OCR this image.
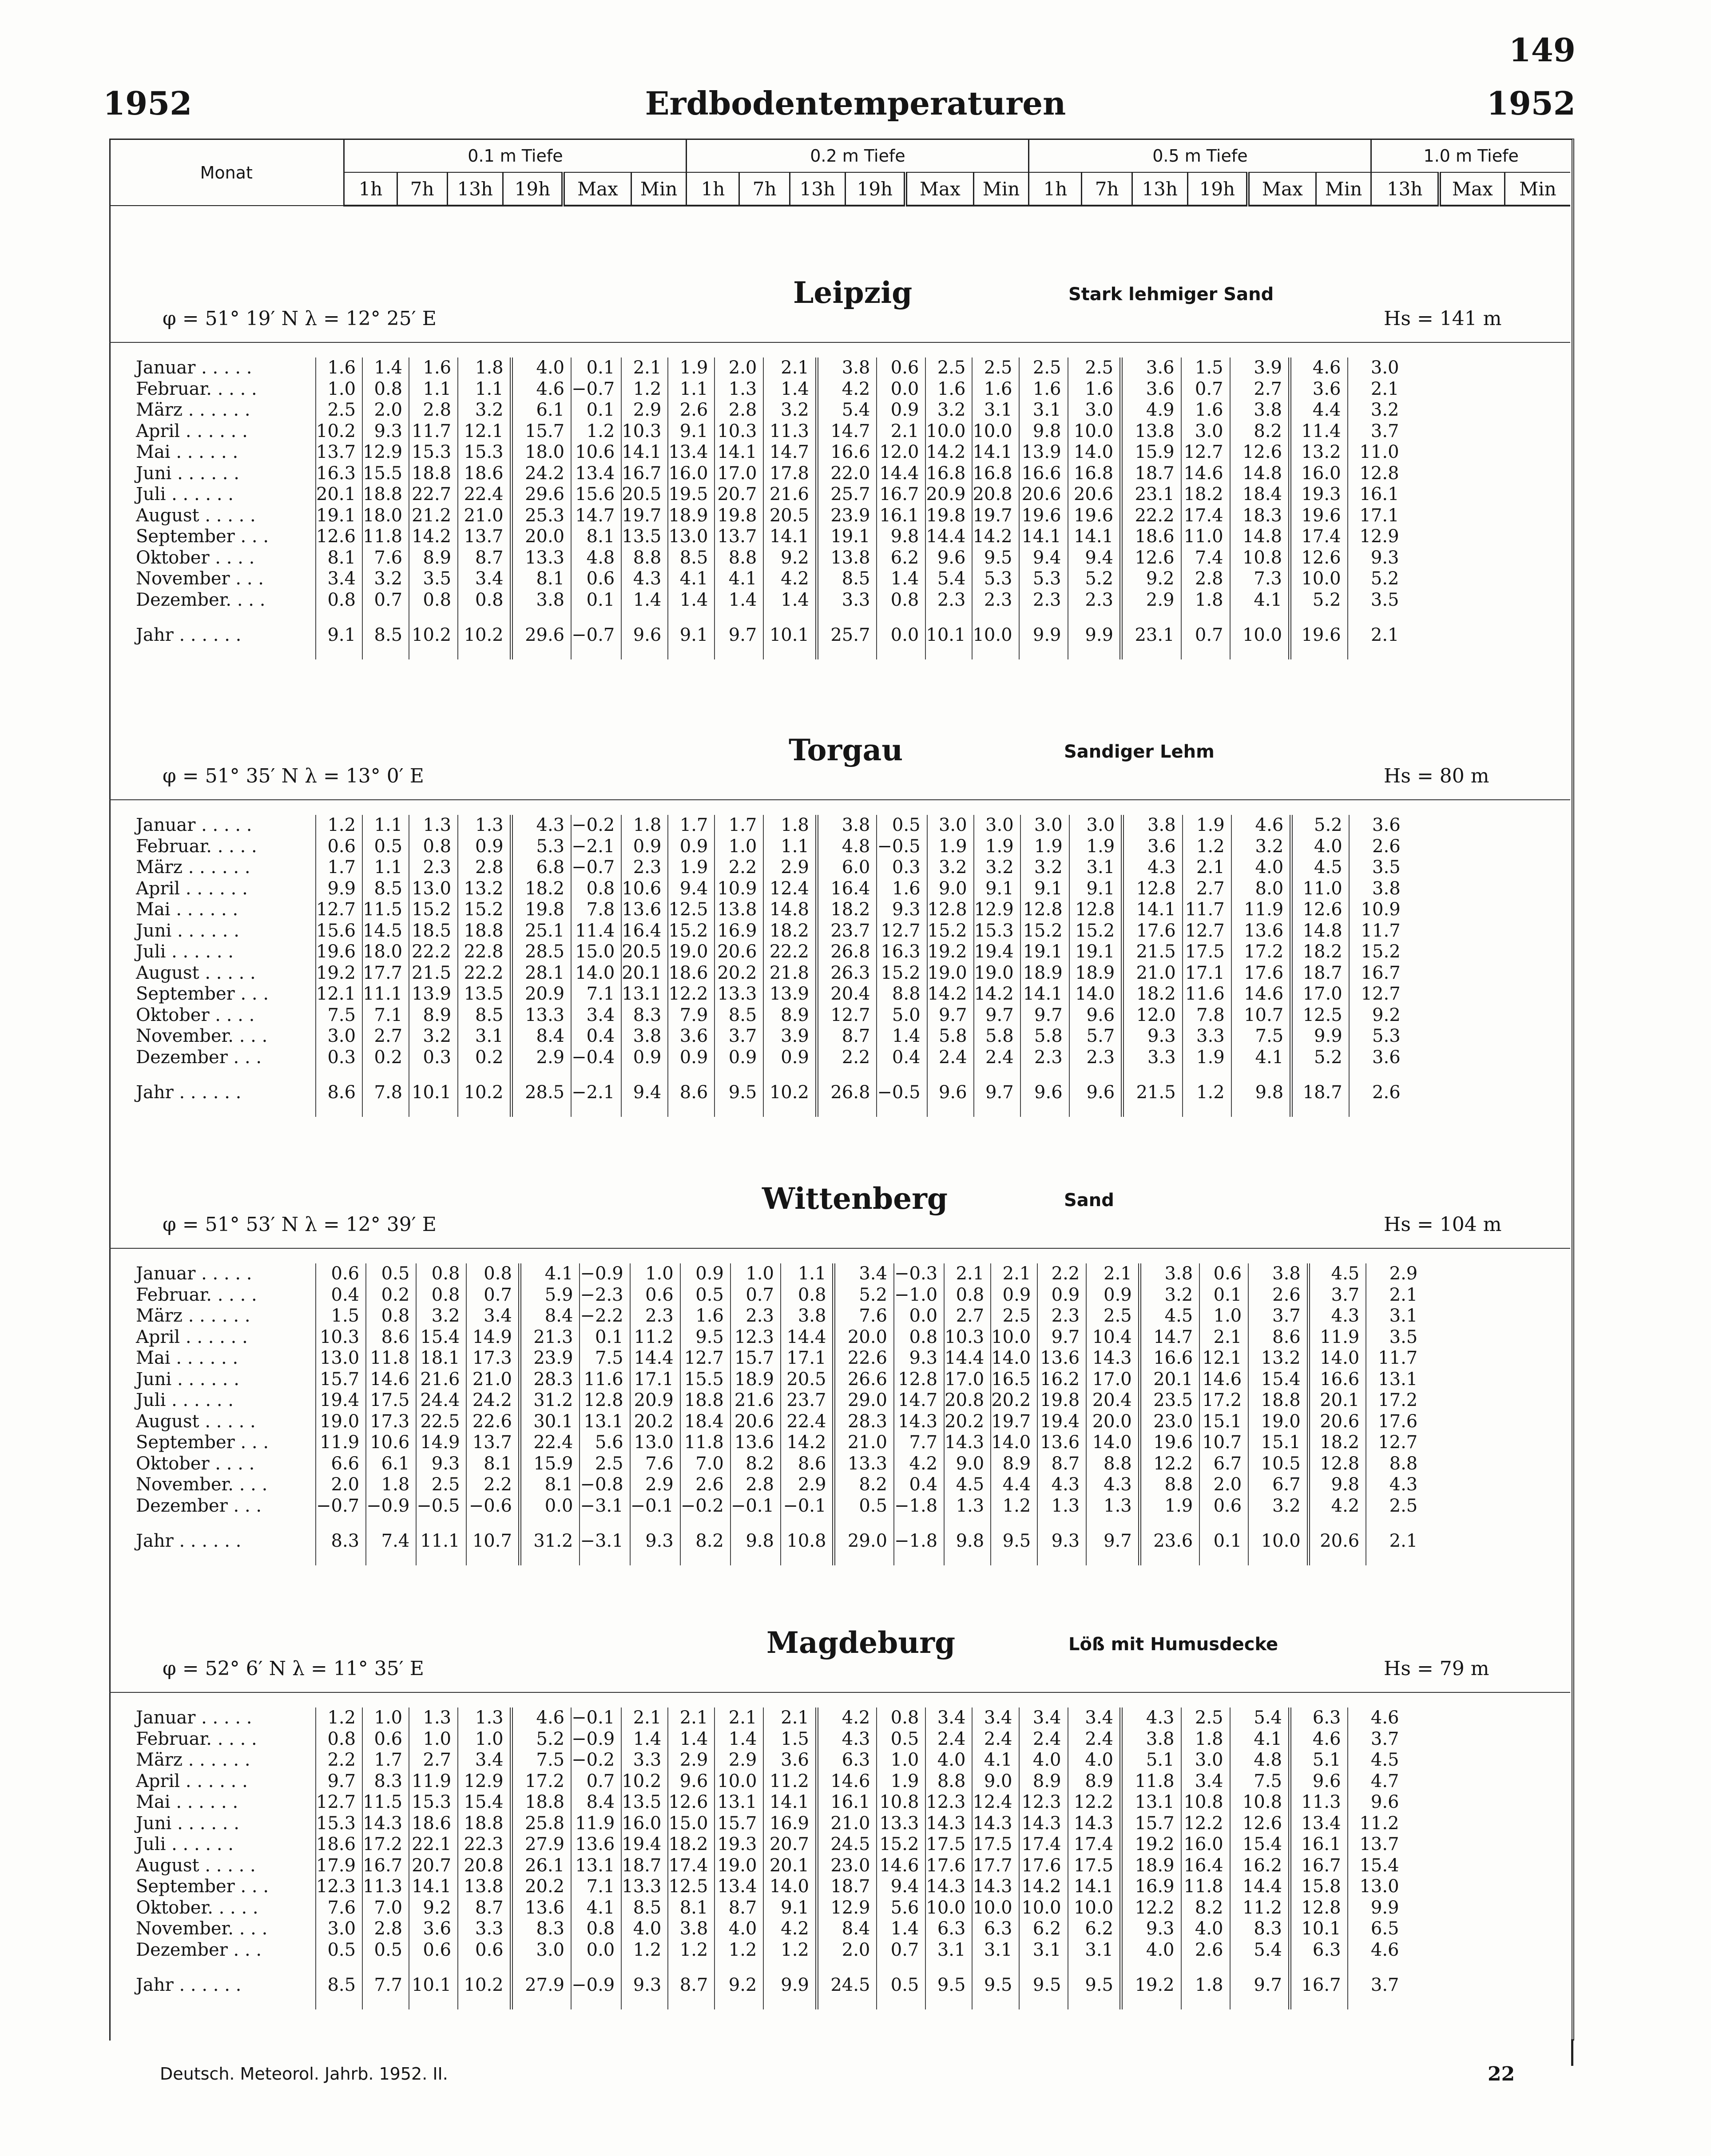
149
1952	Erdbodentemperaturen	1952
Monat	0.1 m Tiefe						0.2 m Tiefe						0.5 m Tiefe						1.0 m Tiefe		
	1h	7h	13h	19h	Max	Min	1h	7h	13h	19h	Max	Min	1h	7h	13h	19h	Max	Min	13h	Max	Min
Leipzig	Stark lehmiger Sand
φ = 51° 19′ N λ = 12° 25′ E	Hs = 141 m
Januar . . . . .	1.6	1.4	1.6	1.8	4.0	0.1	2.1	1.9	2.0	2.1	3.8	0.6	2.5	2.5	2.5	2.5	3.6	1.5	3.9	4.6	3.0
Februar. . . . .	1.0	0.8	1.1	1.1	4.6	−0.7	1.2	1.1	1.3	1.4	4.2	0.0	1.6	1.6	1.6	1.6	3.6	0.7	2.7	3.6	2.1
März . . . . . .	2.5	2.0	2.8	3.2	6.1	0.1	2.9	2.6	2.8	3.2	5.4	0.9	3.2	3.1	3.1	3.0	4.9	1.6	3.8	4.4	3.2
April . . . . . .	10.2	9.3	11.7	12.1	15.7	1.2	10.3	9.1	10.3	11.3	14.7	2.1	10.0	10.0	9.8	10.0	13.8	3.0	8.2	11.4	3.7
Mai . . . . . .	13.7	12.9	15.3	15.3	18.0	10.6	14.1	13.4	14.1	14.7	16.6	12.0	14.2	14.1	13.9	14.0	15.9	12.7	12.6	13.2	11.0
Juni . . . . . .	16.3	15.5	18.8	18.6	24.2	13.4	16.7	16.0	17.0	17.8	22.0	14.4	16.8	16.8	16.6	16.8	18.7	14.6	14.8	16.0	12.8
Juli . . . . . .	20.1	18.8	22.7	22.4	29.6	15.6	20.5	19.5	20.7	21.6	25.7	16.7	20.9	20.8	20.6	20.6	23.1	18.2	18.4	19.3	16.1
August . . . . .	19.1	18.0	21.2	21.0	25.3	14.7	19.7	18.9	19.8	20.5	23.9	16.1	19.8	19.7	19.6	19.6	22.2	17.4	18.3	19.6	17.1
September . . .	12.6	11.8	14.2	13.7	20.0	8.1	13.5	13.0	13.7	14.1	19.1	9.8	14.4	14.2	14.1	14.1	18.6	11.0	14.8	17.4	12.9
Oktober . . . .	8.1	7.6	8.9	8.7	13.3	4.8	8.8	8.5	8.8	9.2	13.8	6.2	9.6	9.5	9.4	9.4	12.6	7.4	10.8	12.6	9.3
November . . .	3.4	3.2	3.5	3.4	8.1	0.6	4.3	4.1	4.1	4.2	8.5	1.4	5.4	5.3	5.3	5.2	9.2	2.8	7.3	10.0	5.2
Dezember. . . .	0.8	0.7	0.8	0.8	3.8	0.1	1.4	1.4	1.4	1.4	3.3	0.8	2.3	2.3	2.3	2.3	2.9	1.8	4.1	5.2	3.5
Jahr . . . . . .	9.1	8.5	10.2	10.2	29.6	−0.7	9.6	9.1	9.7	10.1	25.7	0.0	10.1	10.0	9.9	9.9	23.1	0.7	10.0	19.6	2.1
Torgau	Sandiger Lehm
φ = 51° 35′ N λ = 13° 0′ E	Hs = 80 m
Januar . . . . .	1.2	1.1	1.3	1.3	4.3	−0.2	1.8	1.7	1.7	1.8	3.8	0.5	3.0	3.0	3.0	3.0	3.8	1.9	4.6	5.2	3.6
Februar. . . . .	0.6	0.5	0.8	0.9	5.3	−2.1	0.9	0.9	1.0	1.1	4.8	−0.5	1.9	1.9	1.9	1.9	3.6	1.2	3.2	4.0	2.6
März . . . . . .	1.7	1.1	2.3	2.8	6.8	−0.7	2.3	1.9	2.2	2.9	6.0	0.3	3.2	3.2	3.2	3.1	4.3	2.1	4.0	4.5	3.5
April . . . . . .	9.9	8.5	13.0	13.2	18.2	0.8	10.6	9.4	10.9	12.4	16.4	1.6	9.0	9.1	9.1	9.1	12.8	2.7	8.0	11.0	3.8
Mai . . . . . .	12.7	11.5	15.2	15.2	19.8	7.8	13.6	12.5	13.8	14.8	18.2	9.3	12.8	12.9	12.8	12.8	14.1	11.7	11.9	12.6	10.9
Juni . . . . . .	15.6	14.5	18.5	18.8	25.1	11.4	16.4	15.2	16.9	18.2	23.7	12.7	15.2	15.3	15.2	15.2	17.6	12.7	13.6	14.8	11.7
Juli . . . . . .	19.6	18.0	22.2	22.8	28.5	15.0	20.5	19.0	20.6	22.2	26.8	16.3	19.2	19.4	19.1	19.1	21.5	17.5	17.2	18.2	15.2
August . . . . .	19.2	17.7	21.5	22.2	28.1	14.0	20.1	18.6	20.2	21.8	26.3	15.2	19.0	19.0	18.9	18.9	21.0	17.1	17.6	18.7	16.7
September . . .	12.1	11.1	13.9	13.5	20.9	7.1	13.1	12.2	13.3	13.9	20.4	8.8	14.2	14.2	14.1	14.0	18.2	11.6	14.6	17.0	12.7
Oktober . . . .	7.5	7.1	8.9	8.5	13.3	3.4	8.3	7.9	8.5	8.9	12.7	5.0	9.7	9.7	9.7	9.6	12.0	7.8	10.7	12.5	9.2
November. . . .	3.0	2.7	3.2	3.1	8.4	0.4	3.8	3.6	3.7	3.9	8.7	1.4	5.8	5.8	5.8	5.7	9.3	3.3	7.5	9.9	5.3
Dezember . . .	0.3	0.2	0.3	0.2	2.9	−0.4	0.9	0.9	0.9	0.9	2.2	0.4	2.4	2.4	2.3	2.3	3.3	1.9	4.1	5.2	3.6
Jahr . . . . . .	8.6	7.8	10.1	10.2	28.5	−2.1	9.4	8.6	9.5	10.2	26.8	−0.5	9.6	9.7	9.6	9.6	21.5	1.2	9.8	18.7	2.6
Wittenberg	Sand
φ = 51° 53′ N λ = 12° 39′ E	Hs = 104 m
Januar . . . . .	0.6	0.5	0.8	0.8	4.1	−0.9	1.0	0.9	1.0	1.1	3.4	−0.3	2.1	2.1	2.2	2.1	3.8	0.6	3.8	4.5	2.9
Februar. . . . .	0.4	0.2	0.8	0.7	5.9	−2.3	0.6	0.5	0.7	0.8	5.2	−1.0	0.8	0.9	0.9	0.9	3.2	0.1	2.6	3.7	2.1
März . . . . . .	1.5	0.8	3.2	3.4	8.4	−2.2	2.3	1.6	2.3	3.8	7.6	0.0	2.7	2.5	2.3	2.5	4.5	1.0	3.7	4.3	3.1
April . . . . . .	10.3	8.6	15.4	14.9	21.3	0.1	11.2	9.5	12.3	14.4	20.0	0.8	10.3	10.0	9.7	10.4	14.7	2.1	8.6	11.9	3.5
Mai . . . . . .	13.0	11.8	18.1	17.3	23.9	7.5	14.4	12.7	15.7	17.1	22.6	9.3	14.4	14.0	13.6	14.3	16.6	12.1	13.2	14.0	11.7
Juni . . . . . .	15.7	14.6	21.6	21.0	28.3	11.6	17.1	15.5	18.9	20.5	26.6	12.8	17.0	16.5	16.2	17.0	20.1	14.6	15.4	16.6	13.1
Juli . . . . . .	19.4	17.5	24.4	24.2	31.2	12.8	20.9	18.8	21.6	23.7	29.0	14.7	20.8	20.2	19.8	20.4	23.5	17.2	18.8	20.1	17.2
August . . . . .	19.0	17.3	22.5	22.6	30.1	13.1	20.2	18.4	20.6	22.4	28.3	14.3	20.2	19.7	19.4	20.0	23.0	15.1	19.0	20.6	17.6
September . . .	11.9	10.6	14.9	13.7	22.4	5.6	13.0	11.8	13.6	14.2	21.0	7.7	14.3	14.0	13.6	14.0	19.6	10.7	15.1	18.2	12.7
Oktober . . . .	6.6	6.1	9.3	8.1	15.9	2.5	7.6	7.0	8.2	8.6	13.3	4.2	9.0	8.9	8.7	8.8	12.2	6.7	10.5	12.8	8.8
November. . . .	2.0	1.8	2.5	2.2	8.1	−0.8	2.9	2.6	2.8	2.9	8.2	0.4	4.5	4.4	4.3	4.3	8.8	2.0	6.7	9.8	4.3
Dezember . . .	−0.7	−0.9	−0.5	−0.6	0.0	−3.1	−0.1	−0.2	−0.1	−0.1	0.5	−1.8	1.3	1.2	1.3	1.3	1.9	0.6	3.2	4.2	2.5
Jahr . . . . . .	8.3	7.4	11.1	10.7	31.2	−3.1	9.3	8.2	9.8	10.8	29.0	−1.8	9.8	9.5	9.3	9.7	23.6	0.1	10.0	20.6	2.1
Magdeburg	Löß mit Humusdecke
φ = 52° 6′ N λ = 11° 35′ E	Hs = 79 m
Januar . . . . .	1.2	1.0	1.3	1.3	4.6	−0.1	2.1	2.1	2.1	2.1	4.2	0.8	3.4	3.4	3.4	3.4	4.3	2.5	5.4	6.3	4.6
Februar. . . . .	0.8	0.6	1.0	1.0	5.2	−0.9	1.4	1.4	1.4	1.5	4.3	0.5	2.4	2.4	2.4	2.4	3.8	1.8	4.1	4.6	3.7
März . . . . . .	2.2	1.7	2.7	3.4	7.5	−0.2	3.3	2.9	2.9	3.6	6.3	1.0	4.0	4.1	4.0	4.0	5.1	3.0	4.8	5.1	4.5
April . . . . . .	9.7	8.3	11.9	12.9	17.2	0.7	10.2	9.6	10.0	11.2	14.6	1.9	8.8	9.0	8.9	8.9	11.8	3.4	7.5	9.6	4.7
Mai . . . . . .	12.7	11.5	15.3	15.4	18.8	8.4	13.5	12.6	13.1	14.1	16.1	10.8	12.3	12.4	12.3	12.2	13.1	10.8	10.8	11.3	9.6
Juni . . . . . .	15.3	14.3	18.6	18.8	25.8	11.9	16.0	15.0	15.7	16.9	21.0	13.3	14.3	14.3	14.3	14.3	15.7	12.2	12.6	13.4	11.2
Juli . . . . . .	18.6	17.2	22.1	22.3	27.9	13.6	19.4	18.2	19.3	20.7	24.5	15.2	17.5	17.5	17.4	17.4	19.2	16.0	15.4	16.1	13.7
August . . . . .	17.9	16.7	20.7	20.8	26.1	13.1	18.7	17.4	19.0	20.1	23.0	14.6	17.6	17.7	17.6	17.5	18.9	16.4	16.2	16.7	15.4
September . . .	12.3	11.3	14.1	13.8	20.2	7.1	13.3	12.5	13.4	14.0	18.7	9.4	14.3	14.3	14.2	14.1	16.9	11.8	14.4	15.8	13.0
Oktober. . . . .	7.6	7.0	9.2	8.7	13.6	4.1	8.5	8.1	8.7	9.1	12.9	5.6	10.0	10.0	10.0	10.0	12.2	8.2	11.2	12.8	9.9
November. . . .	3.0	2.8	3.6	3.3	8.3	0.8	4.0	3.8	4.0	4.2	8.4	1.4	6.3	6.3	6.2	6.2	9.3	4.0	8.3	10.1	6.5
Dezember . . .	0.5	0.5	0.6	0.6	3.0	0.0	1.2	1.2	1.2	1.2	2.0	0.7	3.1	3.1	3.1	3.1	4.0	2.6	5.4	6.3	4.6
Jahr . . . . . .	8.5	7.7	10.1	10.2	27.9	−0.9	9.3	8.7	9.2	9.9	24.5	0.5	9.5	9.5	9.5	9.5	19.2	1.8	9.7	16.7	3.7
Deutsch. Meteorol. Jahrb. 1952. II.	22
